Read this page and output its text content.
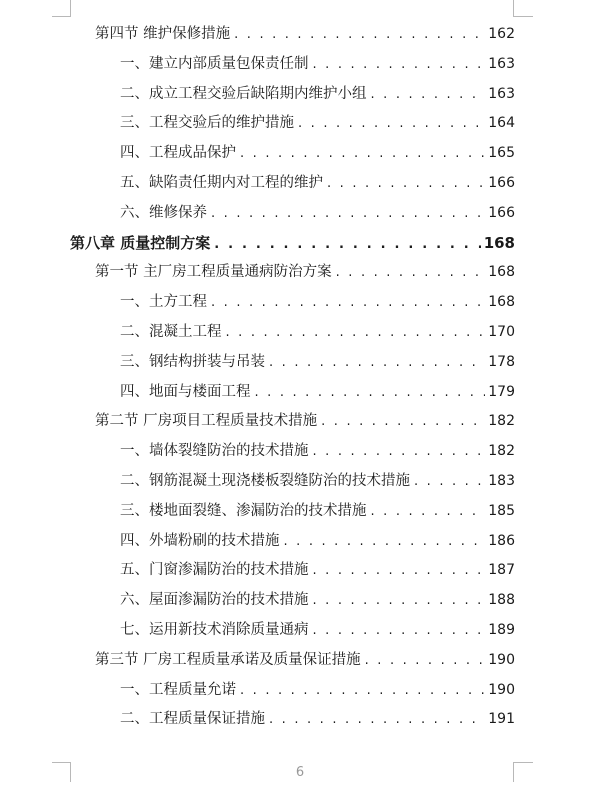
第四节 维护保修措施 . . .	162
一、建立内部质量包保责任制 . . .	163
二、成立工程交验后缺陷期内维护小组 . . .	163
三、工程交验后的维护措施 . . .	164
四、工程成品保护 . . .	165
五、缺陷责任期内对工程的维护 . . .	166
六、维修保养 . . .	166
第八章 质量控制方案 . . .	168
第一节 主厂房工程质量通病防治方案 . . .	168
一、土方工程 . . .	168
二、混凝土工程 . . .	170
三、钢结构拼装与吊装 . . .	178
四、地面与楼面工程 . . .	179
第二节 厂房项目工程质量技术措施 . . .	182
一、墙体裂缝防治的技术措施 . . .	182
二、钢筋混凝土现浇楼板裂缝防治的技术措施 . . .	183
三、楼地面裂缝、渗漏防治的技术措施 . . .	185
四、外墙粉刷的技术措施 . . .	186
五、门窗渗漏防治的技术措施 . . .	187
六、屋面渗漏防治的技术措施 . . .	188
七、运用新技术消除质量通病 . . .	189
第三节 厂房工程质量承诺及质量保证措施 . . .	190
一、工程质量允诺 . . .	190
二、工程质量保证措施 . . .	191
6
